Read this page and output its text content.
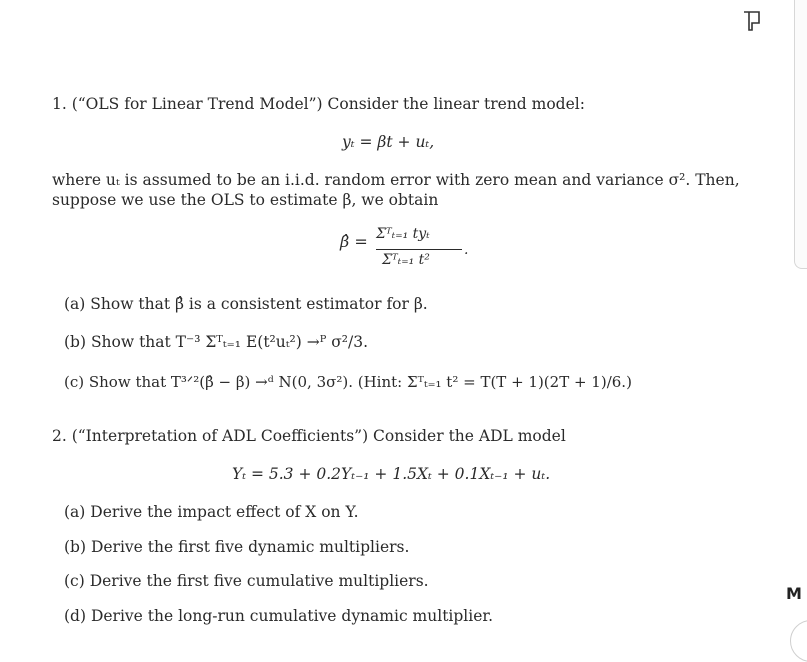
M
1. (“OLS for Linear Trend Model”) Consider the linear trend model:
yₜ = βt + uₜ,
where uₜ is assumed to be an i.i.d. random error with zero mean and variance σ². Then,
suppose we use the OLS to estimate β, we obtain
β̂ = Σᵀₜ₌₁ tyₜ
Σᵀₜ₌₁ t²
.
(a) Show that β̂ is a consistent estimator for β.
(b) Show that T⁻³ Σᵀₜ₌₁ E(t²uₜ²) →ᴾ σ²/3.
(c) Show that T³ᐟ²(β̂ − β) →ᵈ N(0, 3σ²). (Hint: Σᵀₜ₌₁ t² = T(T + 1)(2T + 1)/6.)
2. (“Interpretation of ADL Coefficients”) Consider the ADL model
Yₜ = 5.3 + 0.2Yₜ₋₁ + 1.5Xₜ + 0.1Xₜ₋₁ + uₜ.
(a) Derive the impact effect of X on Y.
(b) Derive the first five dynamic multipliers.
(c) Derive the first five cumulative multipliers.
(d) Derive the long-run cumulative dynamic multiplier.
